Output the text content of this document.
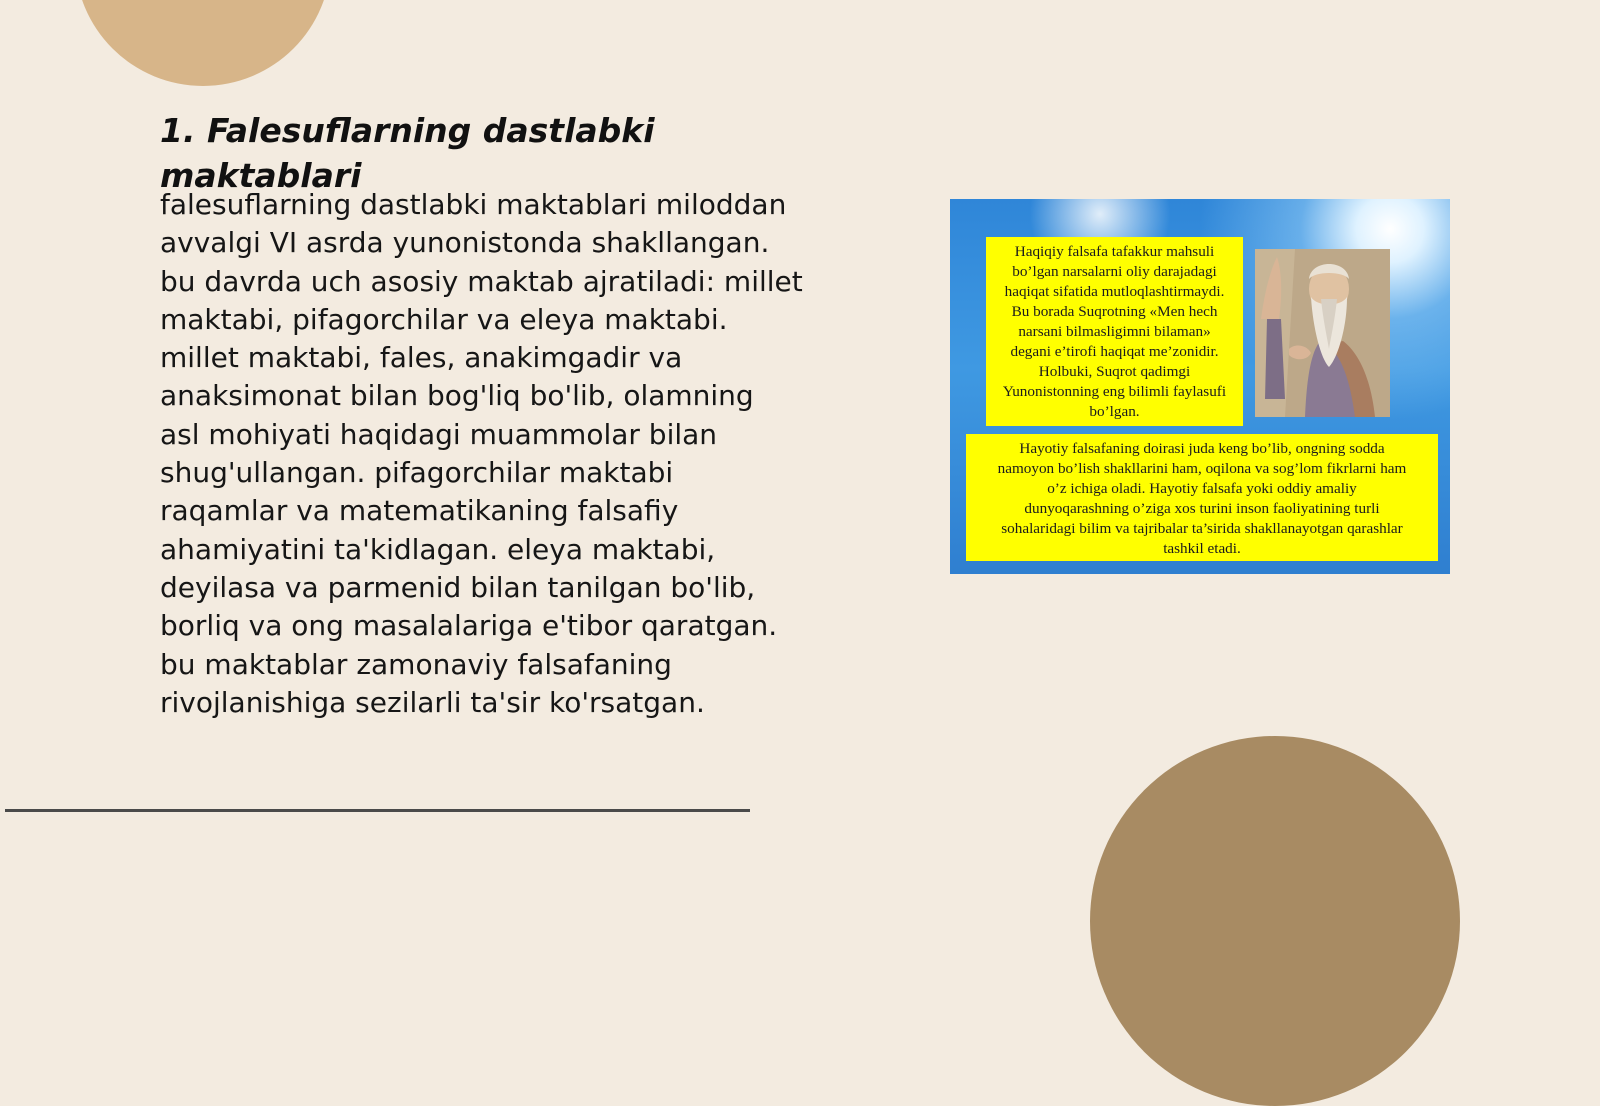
1. Falesuflarning dastlabki maktablari
falesuflarning dastlabki maktablari miloddan
avvalgi VI asrda yunonistonda shakllangan.
bu davrda uch asosiy maktab ajratiladi: millet
maktabi, pifagorchilar va eleya maktabi.
millet maktabi, fales, anakimgadir va
anaksimonat bilan bog'liq bo'lib, olamning
asl mohiyati haqidagi muammolar bilan
shug'ullangan. pifagorchilar maktabi
raqamlar va matematikaning falsafiy
ahamiyatini ta'kidlagan. eleya maktabi,
deyilasa va parmenid bilan tanilgan bo'lib,
borliq va ong masalalariga e'tibor qaratgan.
bu maktablar zamonaviy falsafaning
rivojlanishiga sezilarli ta'sir ko'rsatgan.
Haqiqiy falsafa tafakkur mahsuli
bo’lgan narsalarni oliy darajadagi
haqiqat sifatida mutloqlashtirmaydi.
Bu borada Suqrotning «Men hech
narsani bilmasligimni bilaman»
degani e’tirofi haqiqat me’zonidir.
Holbuki, Suqrot qadimgi
Yunonistonning eng bilimli faylasufi
bo’lgan.
Hayotiy falsafaning doirasi juda keng bo’lib, ongning sodda
namoyon bo’lish shakllarini ham, oqilona va sog’lom fikrlarni ham
o’z ichiga oladi. Hayotiy falsafa yoki oddiy amaliy
dunyoqarashning o’ziga xos turini inson faoliyatining turli
sohalaridagi bilim va tajribalar ta’sirida shakllanayotgan qarashlar
tashkil etadi.
